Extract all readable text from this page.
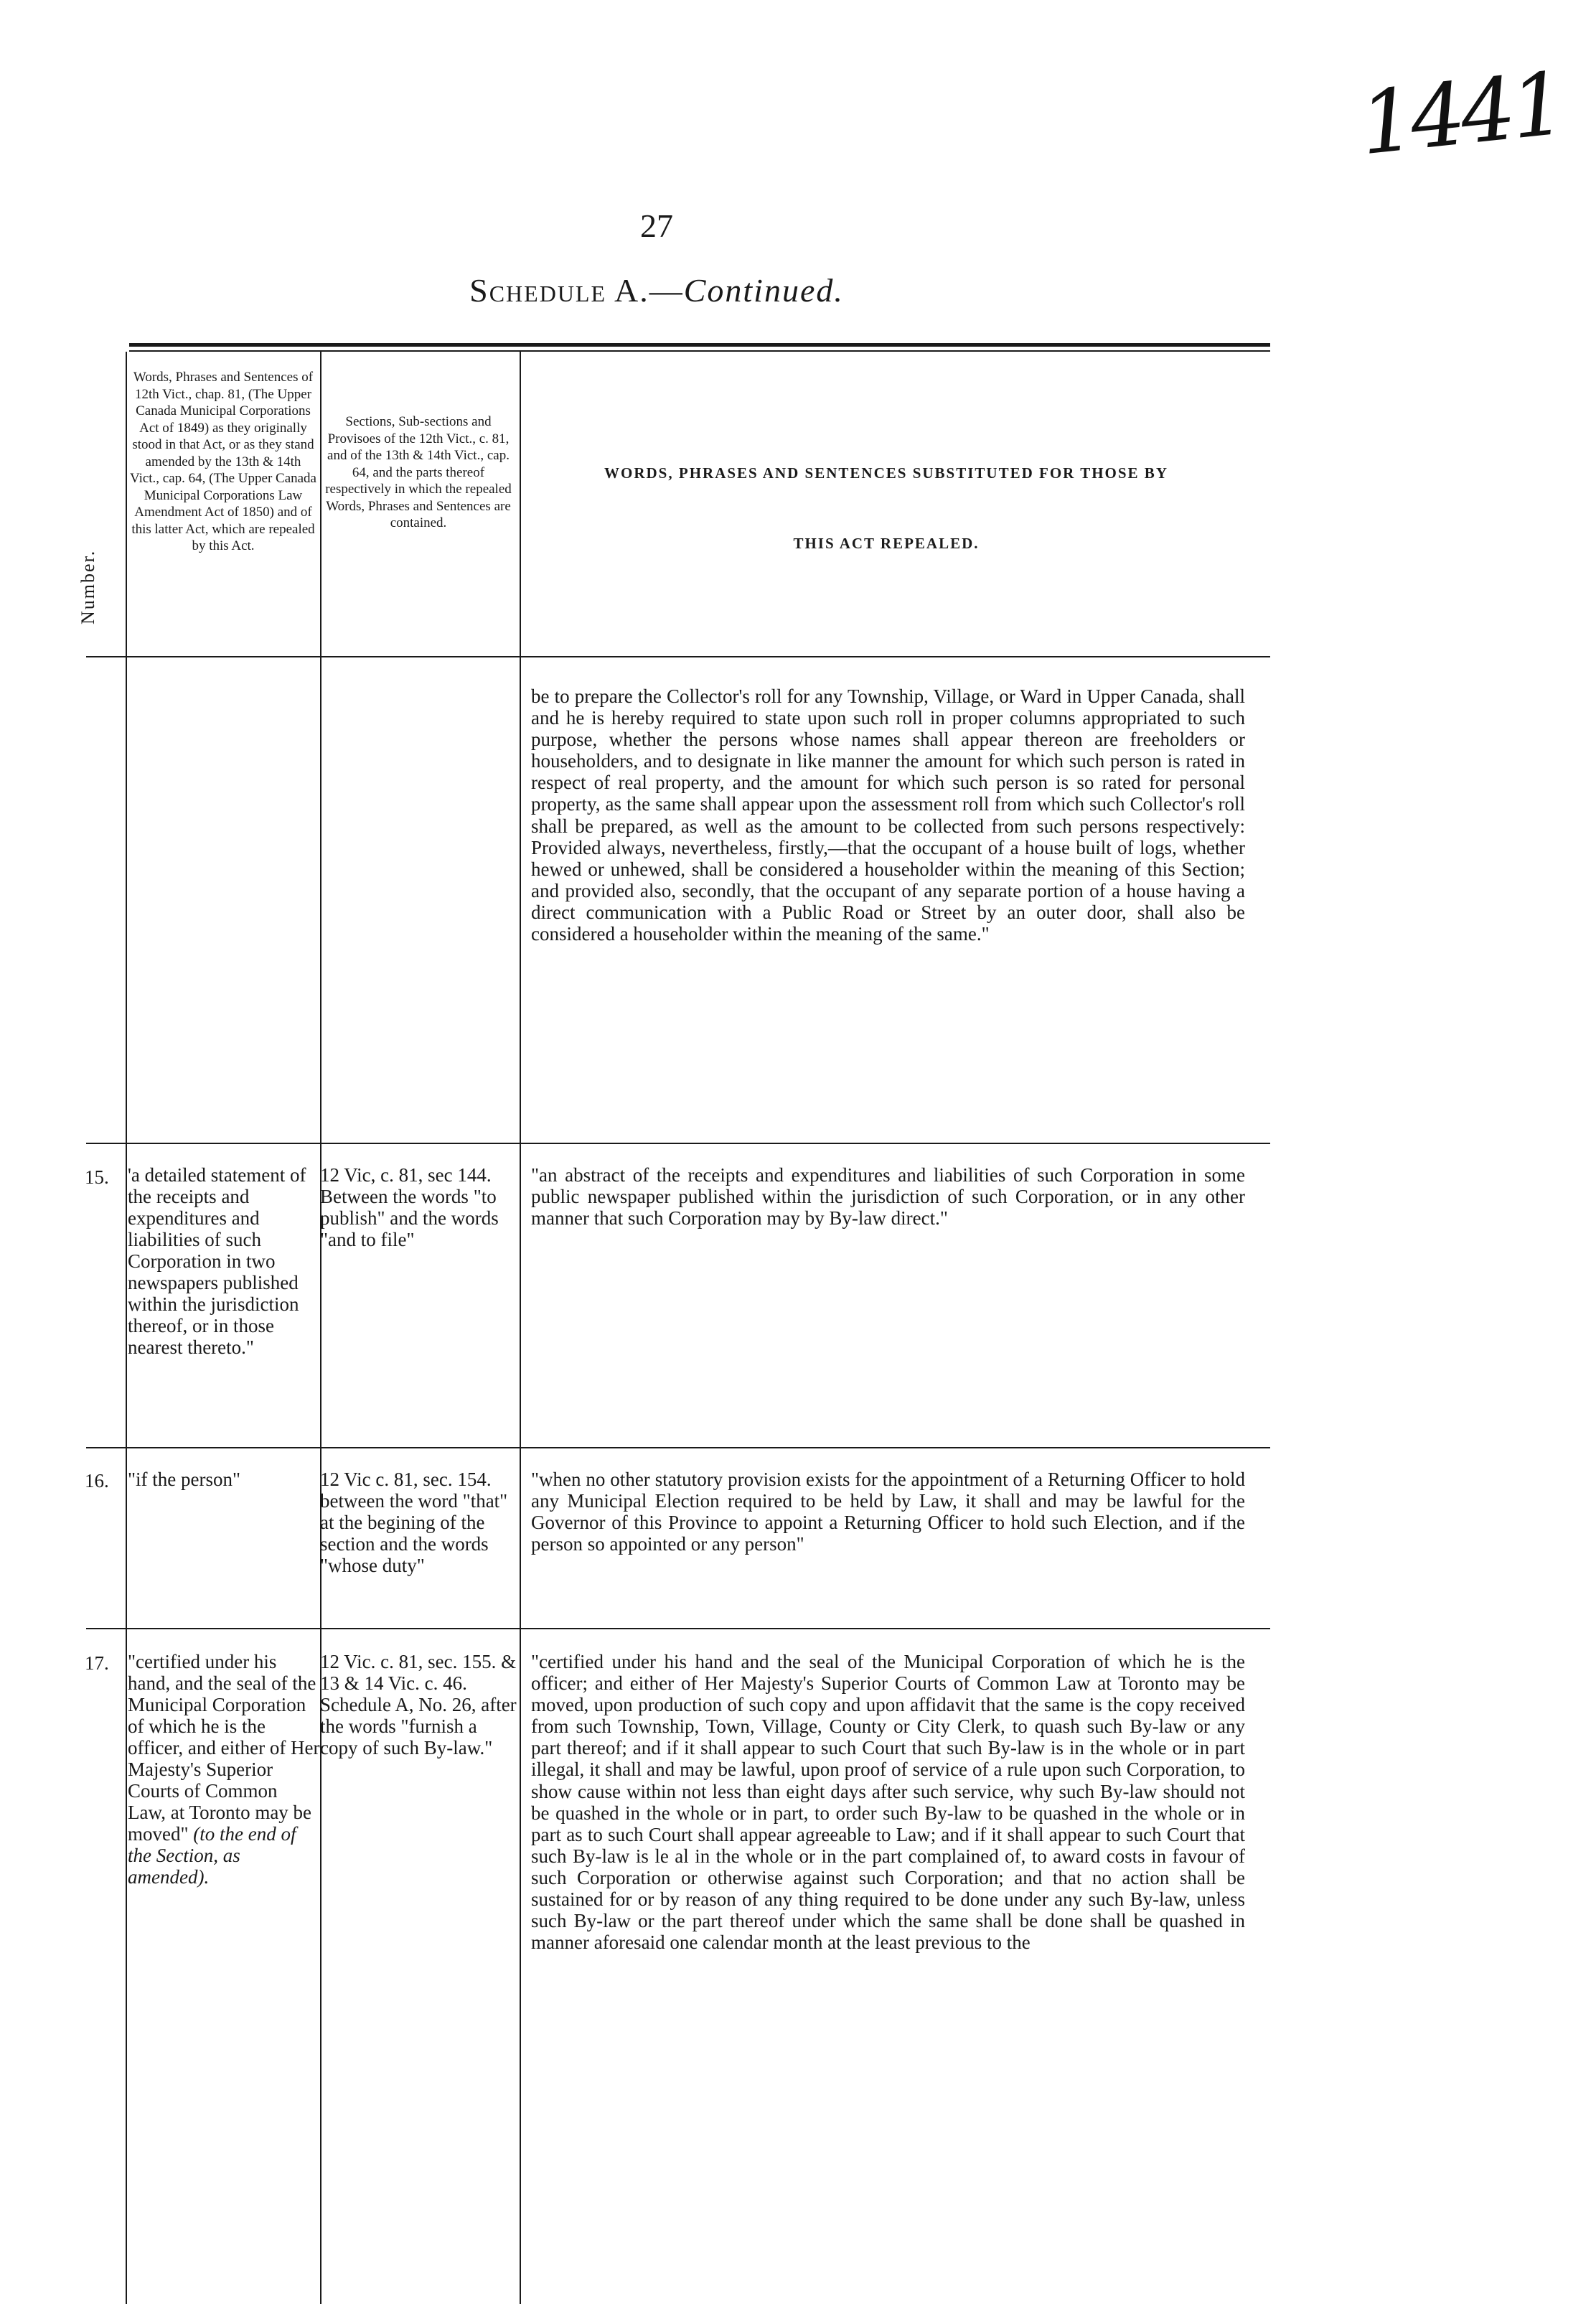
1441
27
Schedule A.—Continued.
Number.
Words, Phrases and Sentences of 12th Vict., chap. 81, (The Upper Canada Municipal Corporations Act of 1849) as they originally stood in that Act, or as they stand amended by the 13th & 14th Vict., cap. 64, (The Upper Canada Municipal Corporations Law Amendment Act of 1850) and of this latter Act, which are repealed by this Act.
Sections, Sub-sections and Provisoes of the 12th Vict., c. 81, and of the 13th & 14th Vict., cap. 64, and the parts thereof respectively in which the repealed Words, Phrases and Sentences are contained.
WORDS, PHRASES AND SENTENCES SUBSTITUTED FOR THOSE BY
THIS ACT REPEALED.
be to prepare the Collector's roll for any Township, Village, or Ward in Upper Canada, shall and he is hereby required to state upon such roll in proper columns appropriated to such purpose, whether the persons whose names shall appear thereon are freeholders or householders, and to designate in like manner the amount for which such person is rated in respect of real property, and the amount for which such person is so rated for personal property, as the same shall appear upon the assessment roll from which such Collector's roll shall be prepared, as well as the amount to be collected from such persons respectively: Provided always, nevertheless, firstly,—that the occupant of a house built of logs, whether hewed or unhewed, shall be considered a householder within the meaning of this Section; and provided also, secondly, that the occupant of any separate portion of a house having a direct communication with a Public Road or Street by an outer door, shall also be considered a householder within the meaning of the same."
15. 'a detailed statement of the receipts and expenditures and liabilities of such Corporation in two newspapers published within the jurisdiction thereof, or in those nearest thereto."
12 Vic, c. 81, sec 144. Between the words "to publish" and the words "and to file"
"an abstract of the receipts and expenditures and liabilities of such Corporation in some public newspaper published within the jurisdiction of such Corporation, or in any other manner that such Corporation may by By-law direct."
16. "if the person"	12 Vic c. 81, sec. 154. between the word "that" at the begining of the section and the words "whose duty"
"when no other statutory provision exists for the appointment of a Returning Officer to hold any Municipal Election required to be held by Law, it shall and may be lawful for the Governor of this Province to appoint a Returning Officer to hold such Election, and if the person so appointed or any person"
17. "certified under his hand, and the seal of the Municipal Corporation of which he is the officer, and either of Her Majesty's Superior Courts of Common Law, at Toronto may be moved" (to the end of the Section, as amended).
12 Vic. c. 81, sec. 155. & 13 & 14 Vic. c. 46. Schedule A, No. 26, after the words "furnish a copy of such By-law."
"certified under his hand and the seal of the Municipal Corporation of which he is the officer; and either of Her Majesty's Superior Courts of Common Law at Toronto may be moved, upon production of such copy and upon affidavit that the same is the copy received from such Township, Town, Village, County or City Clerk, to quash such By-law or any part thereof; and if it shall appear to such Court that such By-law is in the whole or in part illegal, it shall and may be lawful, upon proof of service of a rule upon such Corporation, to show cause within not less than eight days after such service, why such By-law should not be quashed in the whole or in part, to order such By-law to be quashed in the whole or in part as to such Court shall appear agreeable to Law; and if it shall appear to such Court that such By-law is le al in the whole or in the part complained of, to award costs in favour of such Corporation or otherwise against such Corporation; and that no action shall be sustained for or by reason of any thing required to be done under any such By-law, unless such By-law or the part thereof under which the same shall be done shall be quashed in manner aforesaid one calendar month at the least previous to the
